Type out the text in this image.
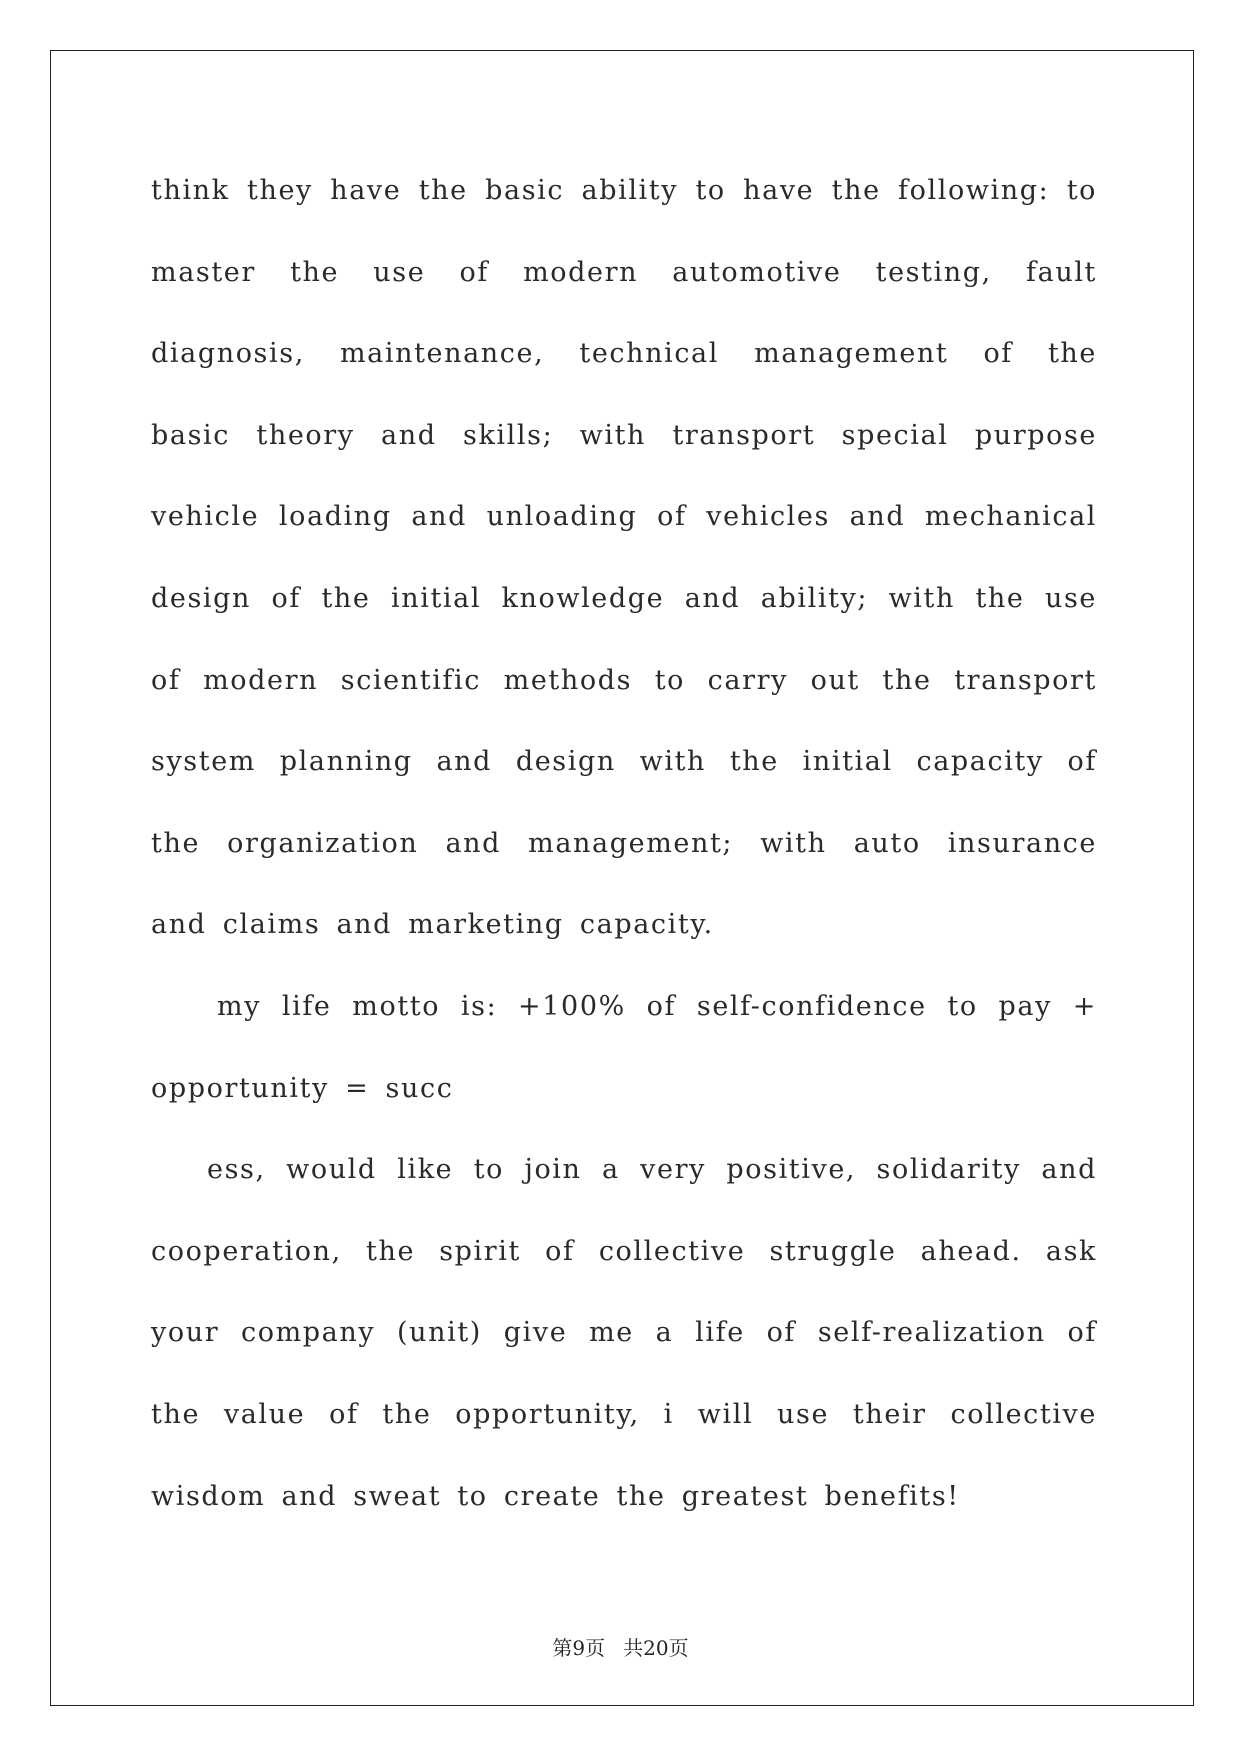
think they have the basic ability to have the following: to master the use of modern automotive testing, fault diagnosis, maintenance, technical management of the basic theory and skills; with transport special purpose vehicle loading and unloading of vehicles and mechanical design of the initial knowledge and ability; with the use of modern scientific methods to carry out the transport system planning and design with the initial capacity of the organization and management; with auto insurance and claims and marketing capacity.

my life motto is: +100% of self-confidence to pay + opportunity = succ

ess, would like to join a very positive, solidarity and cooperation, the spirit of collective struggle ahead. ask your company (unit) give me a life of self-realization of the value of the opportunity, i will use their collective wisdom and sweat to create the greatest benefits!

第9页 共20页
